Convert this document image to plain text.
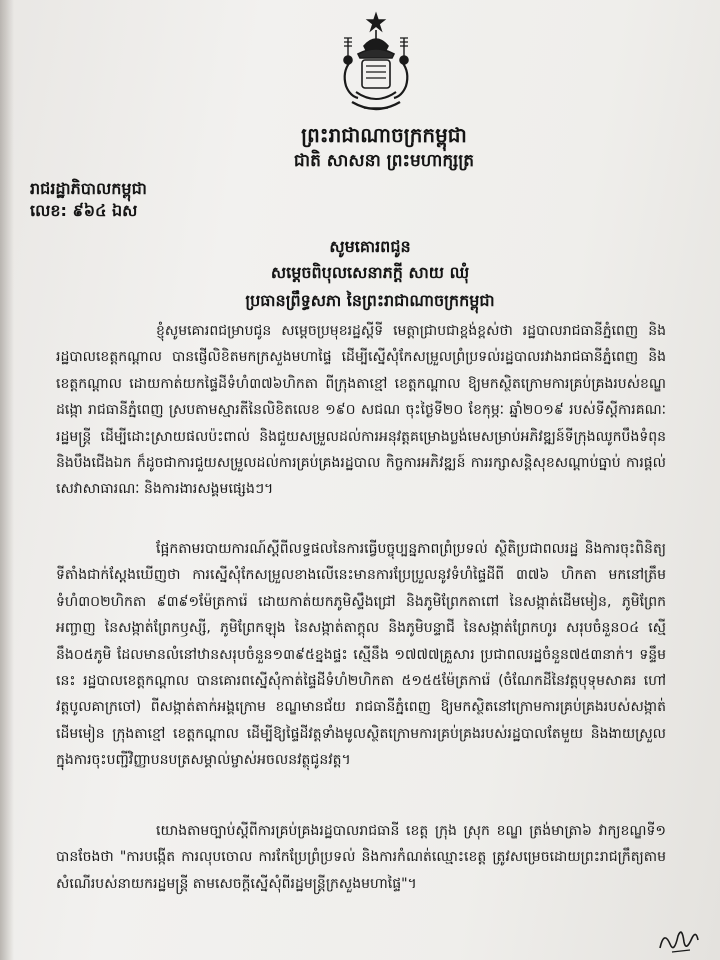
ព្រះរាជាណាចក្រកម្ពុជា
ជាតិ សាសនា ព្រះមហាក្សត្រ
រាជរដ្ឋាភិបាលកម្ពុជា
លេខ: ៩៦៤ ឯស
សូមគោរពជូន
សម្តេចពិបុលសេនាភក្តី សាយ ឈុំ
ប្រធានព្រឹទ្ធសភា នៃព្រះរាជាណាចក្រកម្ពុជា

ខ្ញុំសូមគោរពជម្រាបជូន សម្តេចប្រមុខរដ្ឋស្តីទី មេត្តាជ្រាបជាខ្ពង់ខ្ពស់ថា រដ្ឋបាលរាជធានីភ្នំពេញ និងរដ្ឋបាលខេត្តកណ្តាល បានផ្ញើលិខិតមកក្រសួងមហាផ្ទៃ ដើម្បីស្នើសុំកែសម្រួលព្រំប្រទល់រដ្ឋបាលរវាងរាជធានីភ្នំពេញ និងខេត្តកណ្តាល ដោយកាត់យកផ្ទៃដីទំហំ៣៧៦ហិកតា ពីក្រុងតាខ្មៅ ខេត្តកណ្តាល ឱ្យមកស្ថិតក្រោមការគ្រប់គ្រងរបស់ខណ្ឌដង្កោ រាជធានីភ្នំពេញ ស្របតាមស្មារតីនៃលិខិតលេខ ១៩០ សជណ ចុះថ្ងៃទី២០ ខែកុម្ភៈ ឆ្នាំ២០១៩ របស់ទីស្តីការគណៈរដ្ឋមន្ត្រី ដើម្បីដោះស្រាយផលប៉ះពាល់ និងជួយសម្រួលដល់ការអនុវត្តគម្រោងប្លង់មេសម្រាប់អភិវឌ្ឍន៍ទីក្រុងឈូកបឹងទំពុន និងបឹងជើងឯក ក៏ដូចជាការជួយសម្រួលដល់ការគ្រប់គ្រងរដ្ឋបាល កិច្ចការអភិវឌ្ឍន៍ ការរក្សាសន្តិសុខសណ្តាប់ធ្នាប់ ការផ្តល់សេវាសាធារណៈ និងការងារសង្គមផ្សេងៗ។

ផ្អែកតាមរបាយការណ៍ស្តីពីលទ្ធផលនៃការធ្វើបច្ចុប្បន្នភាពព្រំប្រទល់ ស្ថិតិប្រជាពលរដ្ឋ និងការចុះពិនិត្យទីតាំងជាក់ស្តែងឃើញថា ការស្នើសុំកែសម្រួលខាងលើនេះមានការប្រែប្រួលនូវទំហំផ្ទៃដីពី ៣៧៦ ហិកតា មកនៅត្រឹមទំហំ៣០២ហិកតា ៩៣៩១ម៉ែត្រការ៉េ ដោយកាត់យកភូមិស្ទឹងជ្រៅ និងភូមិព្រែកតាពៅ នៃសង្កាត់ដើមមៀន, ភូមិព្រែកអញ្ចាញ នៃសង្កាត់ព្រែកឫស្សី, ភូមិព្រែកឡុង នៃសង្កាត់តាក្តុល និងភូមិបន្ទាជី នៃសង្កាត់ព្រែកហូរ សរុបចំនួន០៤ ស្មើនឹង០៥ភូមិ ដែលមានលំនៅឋានសរុបចំនួន១៣៩៥ខ្នងផ្ទះ ស្មើនឹង ១៧៧៧គ្រួសារ ប្រជាពលរដ្ឋចំនួន៧៥៣នាក់។ ទន្ទឹមនេះ រដ្ឋបាលខេត្តកណ្តាល បានគោរពស្នើសុំកាត់ផ្ទៃដីទំហំ២ហិកតា ៥១៥៥ម៉ែត្រការ៉េ (ចំណែកដីនៃវត្តបុទុមសាគរ ហៅវត្តបូលគាក្រចៅ) ពីសង្កាត់តាក់អង្គក្រោម ខណ្ឌមានជ័យ រាជធានីភ្នំពេញ ឱ្យមកស្ថិតនៅក្រោមការគ្រប់គ្រងរបស់សង្កាត់ដើមមៀន ក្រុងតាខ្មៅ ខេត្តកណ្តាល ដើម្បីឱ្យផ្ទៃដីវត្តទាំងមូលស្ថិតក្រោមការគ្រប់គ្រងរបស់រដ្ឋបាលតែមួយ និងងាយស្រួលក្នុងការចុះបញ្ជីវិញ្ញាបនបត្រសម្គាល់ម្ចាស់អចលនវត្ថុជូនវត្ត។

យោងតាមច្បាប់ស្តីពីការគ្រប់គ្រងរដ្ឋបាលរាជធានី ខេត្ត ក្រុង ស្រុក ខណ្ឌ ត្រង់មាត្រា៦ វាក្យខណ្ឌទី១ បានចែងថា "ការបង្កើត ការលុបចោល ការកែប្រែព្រំប្រទល់ និងការកំណត់ឈ្មោះខេត្ត ត្រូវសម្រេចដោយព្រះរាជក្រឹត្យតាមសំណើរបស់នាយករដ្ឋមន្ត្រី តាមសេចក្តីស្នើសុំពីរដ្ឋមន្ត្រីក្រសួងមហាផ្ទៃ"។
